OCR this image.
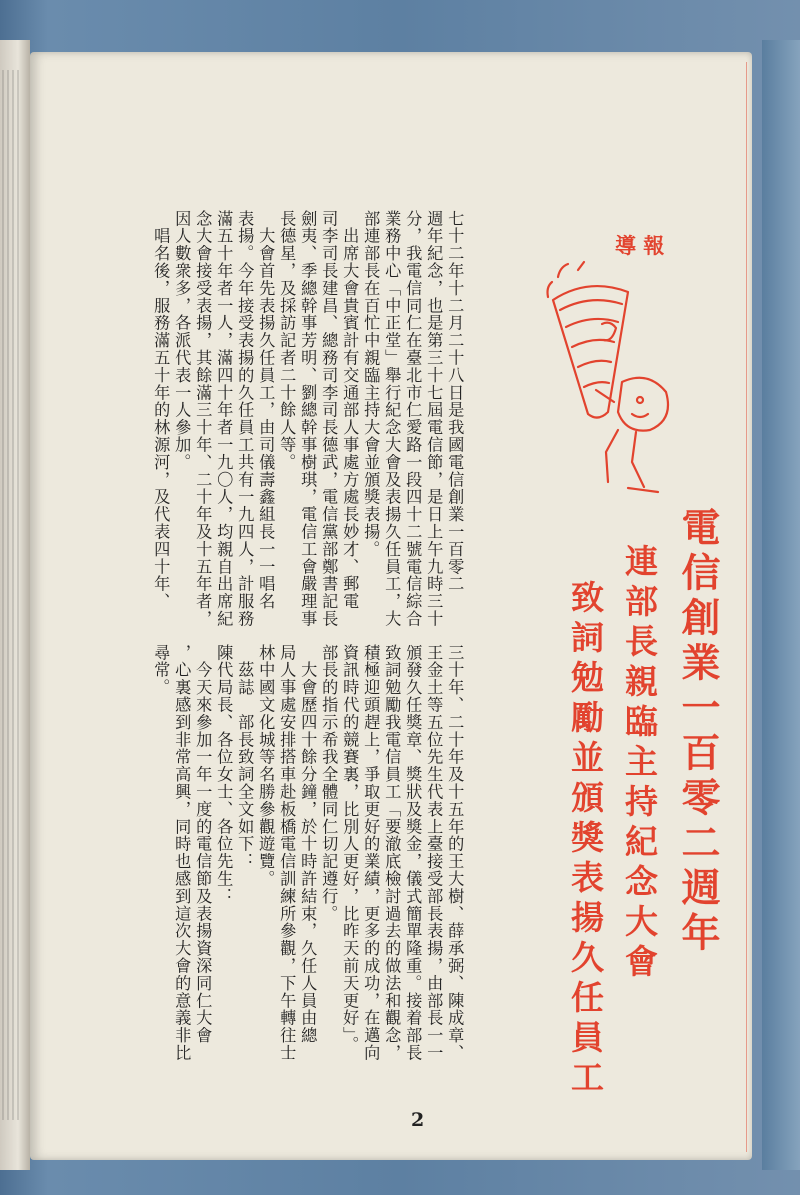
導 報
電信創業一百零二週年
連部長親臨主持紀念大會
致詞勉勵並頒獎表揚久任員工
七十二年十二月二十八日是我國電信創業一百零二
週年紀念，也是第三十七屆電信節，是日上午九時三十
分，我電信同仁在臺北市仁愛路一段四十二號電信綜合
業務中心「中正堂」舉行紀念大會及表揚久任員工，大
部連部長在百忙中親臨主持大會並頒獎表揚。
　出席大會貴賓計有交通部人事處方處長妙才、郵電
司李司長建昌、總務司李司長德武，電信黨部鄭書記長
劍夷、季總幹事芳明、劉總幹事樹琪，電信工會嚴理事
長德星，及採訪記者二十餘人等。
　大會首先表揚久任員工，由司儀壽鑫組長一一唱名
表揚。今年接受表揚的久任員工共有一九四人，計服務
滿五十年者一人，滿四十年者一九〇人，均親自出席紀
念大會接受表揚，其餘滿三十年、二十年及十五年者，
因人數衆多，各派代表一人參加。
　唱名後，服務滿五十年的林源河，及代表四十年、
三十年、二十年及十五年的王大樹、薛承弼、陳成章、
王金土等五位先生代表上臺接受部長表揚，由部長一一
頒發久任獎章、獎狀及獎金，儀式簡單隆重。接着部長
致詞勉勵我電信員工「要澈底檢討過去的做法和觀念，
積極迎頭趕上，爭取更好的業績，更多的成功，在邁向
資訊時代的競賽裏，比別人更好，比昨天前天更好」。
部長的指示希我全體同仁切記遵行。
　大會歷四十餘分鐘，於十時許結束，久任人員由總
局人事處安排搭車赴板橋電信訓練所參觀，下午轉往士
林中國文化城等名勝參觀遊覽。
　茲誌　部長致詞全文如下：
陳代局長、各位女士、各位先生：
　今天來參加一年一度的電信節及表揚資深同仁大會
，心裏感到非常高興，同時也感到這次大會的意義非比
尋常。
2
